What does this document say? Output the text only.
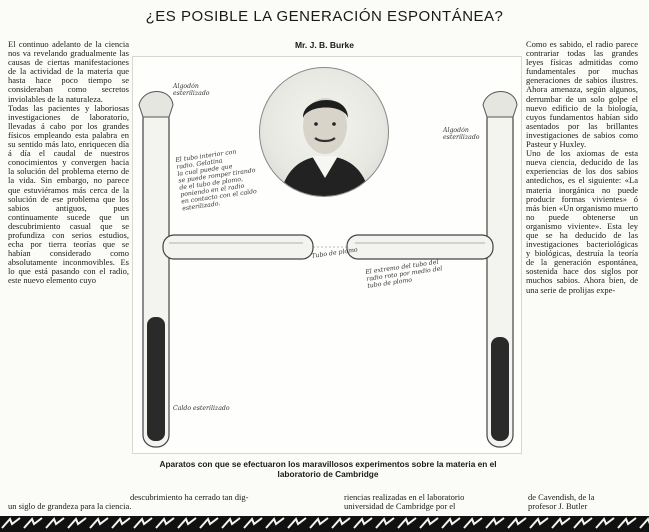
¿ES POSIBLE LA GENERACIÓN ESPONTÁNEA?
Mr. J. B. Burke
El continuo adelanto de la ciencia nos va revelando gradualmente las causas de ciertas manifestaciones de la actividad de la materia que hasta hace poco tiempo se consideraban como secretos inviolables de la naturaleza.
Todas las pacientes y laboriosas investigaciones de laboratorio, llevadas á cabo por los grandes físicos empleando esta palabra en su sentido más lato, enriquecen día á día el caudal de nuestros conocimientos y convergen hacia la solución del problema eterno de la vida. Sin embargo, no parece que estuviéramos más cerca de la solución de ese problema que los sabios antiguos, pues continuamente sucede que un descubrimiento casual que se profundiza con serios estudios, echa por tierra teorías que se habían considerado como absolutamente inconmovibles. Es lo que está pasando con el radio, este nuevo elemento cuyo
Como es sabido, el radio parece contrariar todas las grandes leyes físicas admitidas como fundamentales por muchas generaciones de sabios ilustres. Ahora amenaza, según algunos, derrumbar de un solo golpe el nuevo edificio de la biología, cuyos fundamentos habían sido asentados por las brillantes investigaciones de sabios como Pasteur y Huxley.
Uno de los axiomas de esta nueva ciencia, deducido de las experiencias de los dos sabios antedichos, es el siguiente: «La materia inorgánica no puede producir formas vivientes» ó más bien «Un organismo muerto no puede obtenerse un organismo viviente». Esta ley que se ha deducido de las investigaciones bacteriológicas y biológicas, destruía la teoría de la generación espontánea, sostenida hace dos siglos por muchos sabios. Ahora bien, de una serie de prolijas expe-
Algodón
esterilizado
Algodón
esterilizado
El tubo interior con
radio. Gelatina
la cual puede que
se puede romper tirando
de el tubo de plomo,
poniendo en el radio
en contacto con el caldo
esterilizado.
Tubo de plomo
El extremo del tubo del
radio roto por medio del
tubo de plomo
Caldo esterilizado
Aparatos con que se efectuaron los maravillosos experimentos sobre la materia en el laboratorio de Cambridge
un siglo de grandeza para la ciencia.
descubrimiento ha cerrado tan dig-	riencias realizadas en el laboratorio
universidad de Cambridge por el
de Cavendish, de la
profesor J. Butler
